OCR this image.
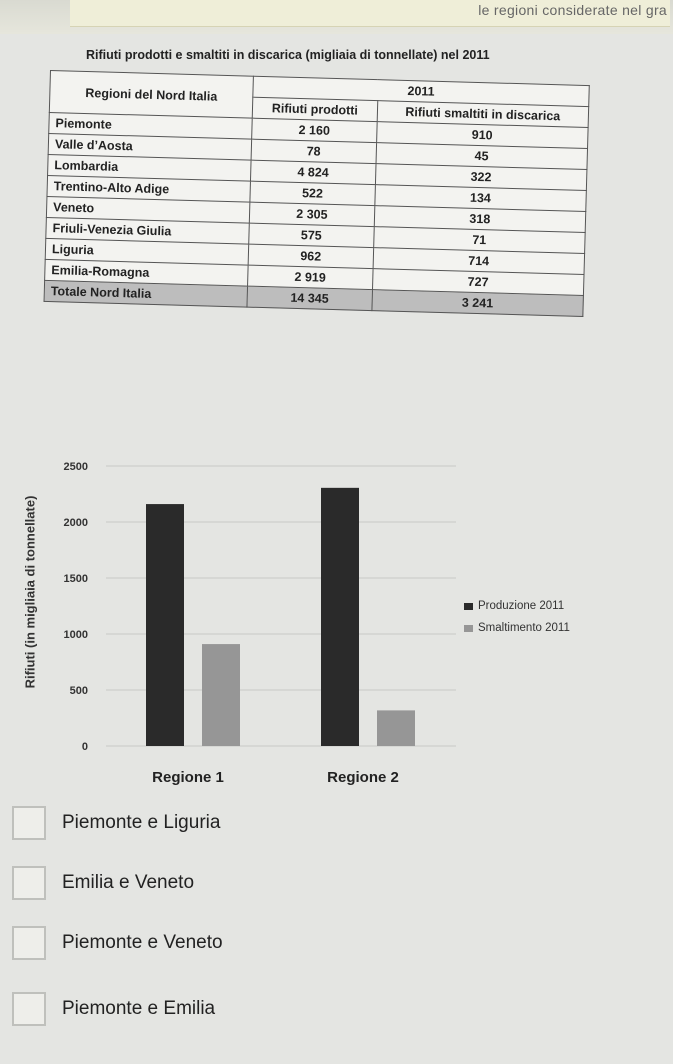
le regioni considerate nel gra
Rifiuti prodotti e smaltiti in discarica (migliaia di tonnellate) nel 2011
Regioni del Nord Italia	2011	
	Rifiuti prodotti	Rifiuti smaltiti in discarica
Piemonte	2 160	910
Valle d’Aosta	78	45
Lombardia	4 824	322
Trentino-Alto Adige	522	134
Veneto	2 305	318
Friuli-Venezia Giulia	575	71
Liguria	962	714
Emilia-Romagna	2 919	727
Totale Nord Italia	14 345	3 241
Rifiuti (in migliaia di tonnellate)
0
500
1000
1500
2000
2500
Regione 1	Regione 2
Produzione 2011
Smaltimento 2011
Piemonte e Liguria
Emilia e Veneto
Piemonte e Veneto
Piemonte e Emilia
